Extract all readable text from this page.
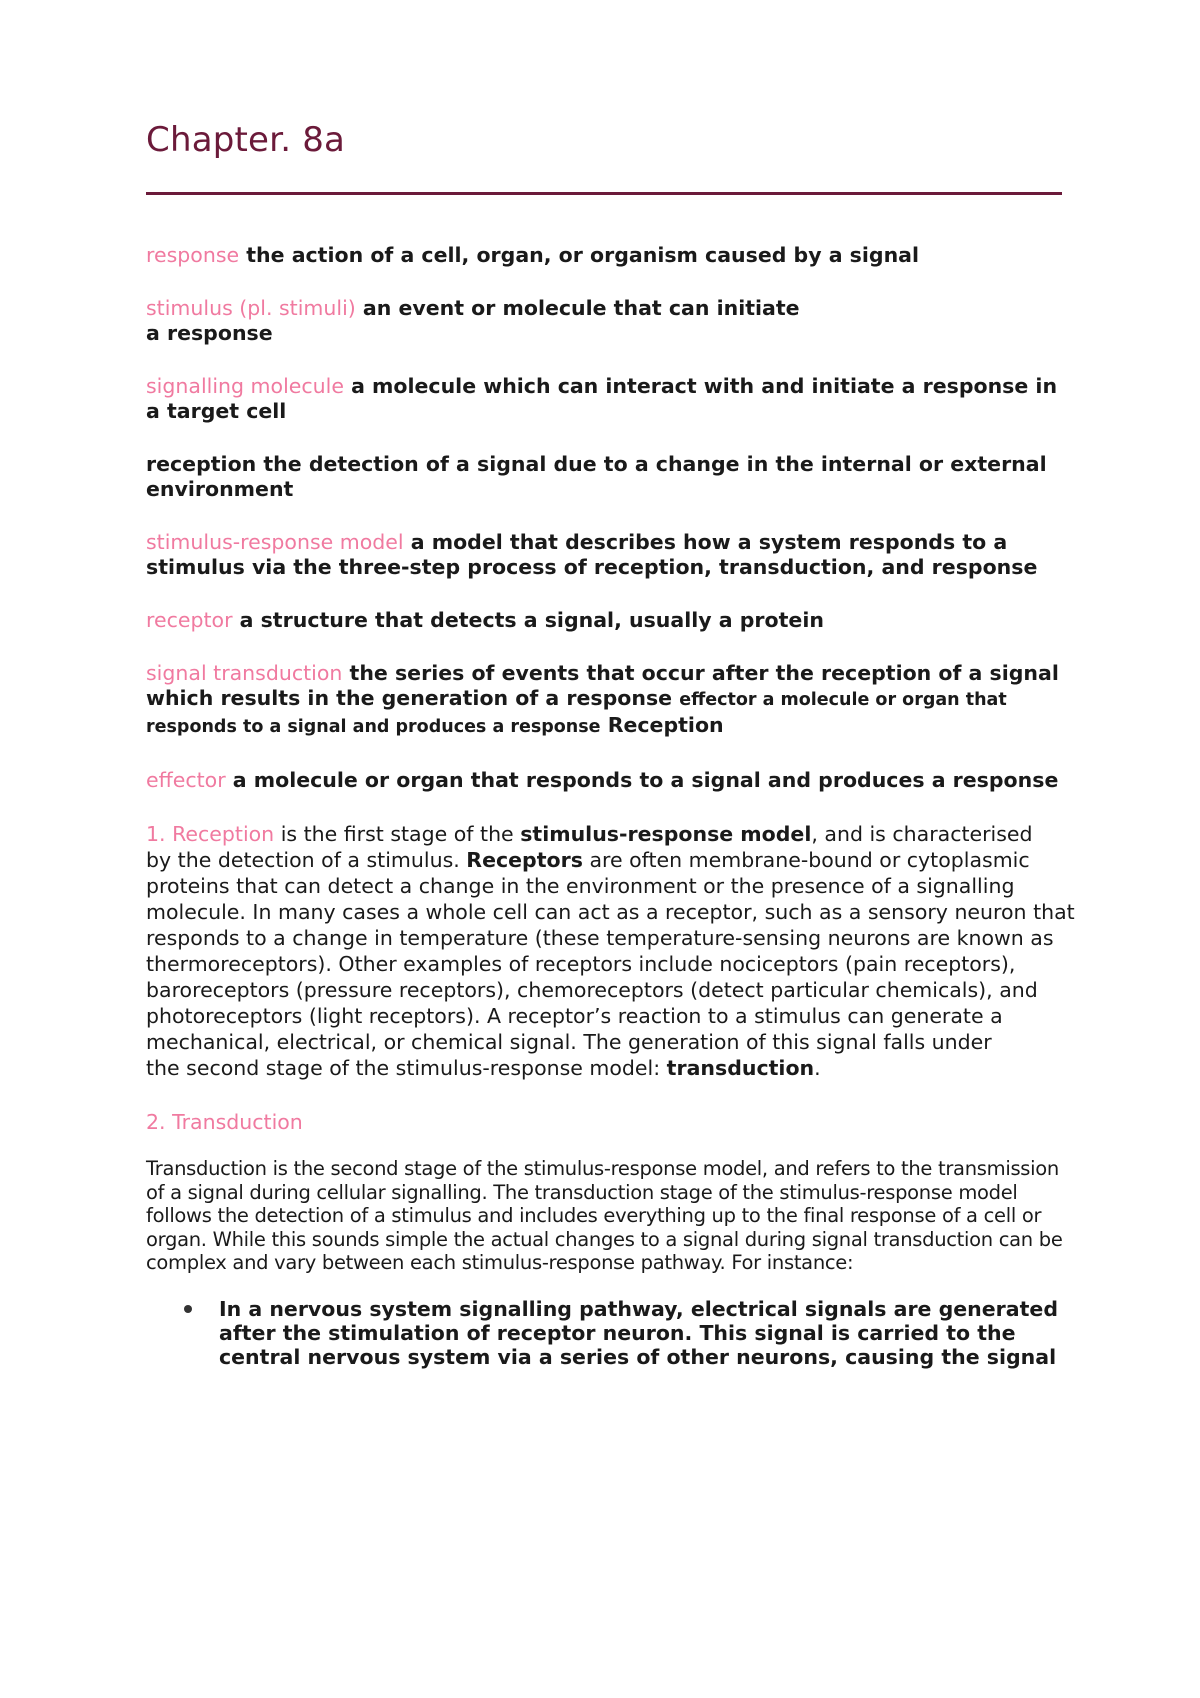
Chapter. 8a

response the action of a cell, organ, or organism caused by a signal

stimulus (pl. stimuli) an event or molecule that can initiate
a response

signalling molecule a molecule which can interact with and initiate a response in a target cell

reception the detection of a signal due to a change in the internal or external environment

stimulus-response model a model that describes how a system responds to a stimulus via the three-step process of reception, transduction, and response

receptor a structure that detects a signal, usually a protein

signal transduction the series of events that occur after the reception of a signal which results in the generation of a response effector a molecule or organ that responds to a signal and produces a response Reception

effector a molecule or organ that responds to a signal and produces a response

1. Reception is the first stage of the stimulus-response model, and is characterised
by the detection of a stimulus. Receptors are often membrane-bound or cytoplasmic proteins that can detect a change in the environment or the presence of a signalling molecule. In many cases a whole cell can act as a receptor, such as a sensory neuron that responds to a change in temperature (these temperature-sensing neurons are known as thermoreceptors). Other examples of receptors include nociceptors (pain receptors), baroreceptors (pressure receptors), chemoreceptors (detect particular chemicals), and photoreceptors (light receptors). A receptor’s reaction to a stimulus can generate a mechanical, electrical, or chemical signal. The generation of this signal falls under
the second stage of the stimulus-response model: transduction.

2. Transduction

Transduction is the second stage of the stimulus-response model, and refers to the transmission of a signal during cellular signalling. The transduction stage of the stimulus-response model follows the detection of a stimulus and includes everything up to the final response of a cell or organ. While this sounds simple the actual changes to a signal during signal transduction can be complex and vary between each stimulus-response pathway. For instance:

In a nervous system signalling pathway, electrical signals are generated after the stimulation of receptor neuron. This signal is carried to the central nervous system via a series of other neurons, causing the signal
